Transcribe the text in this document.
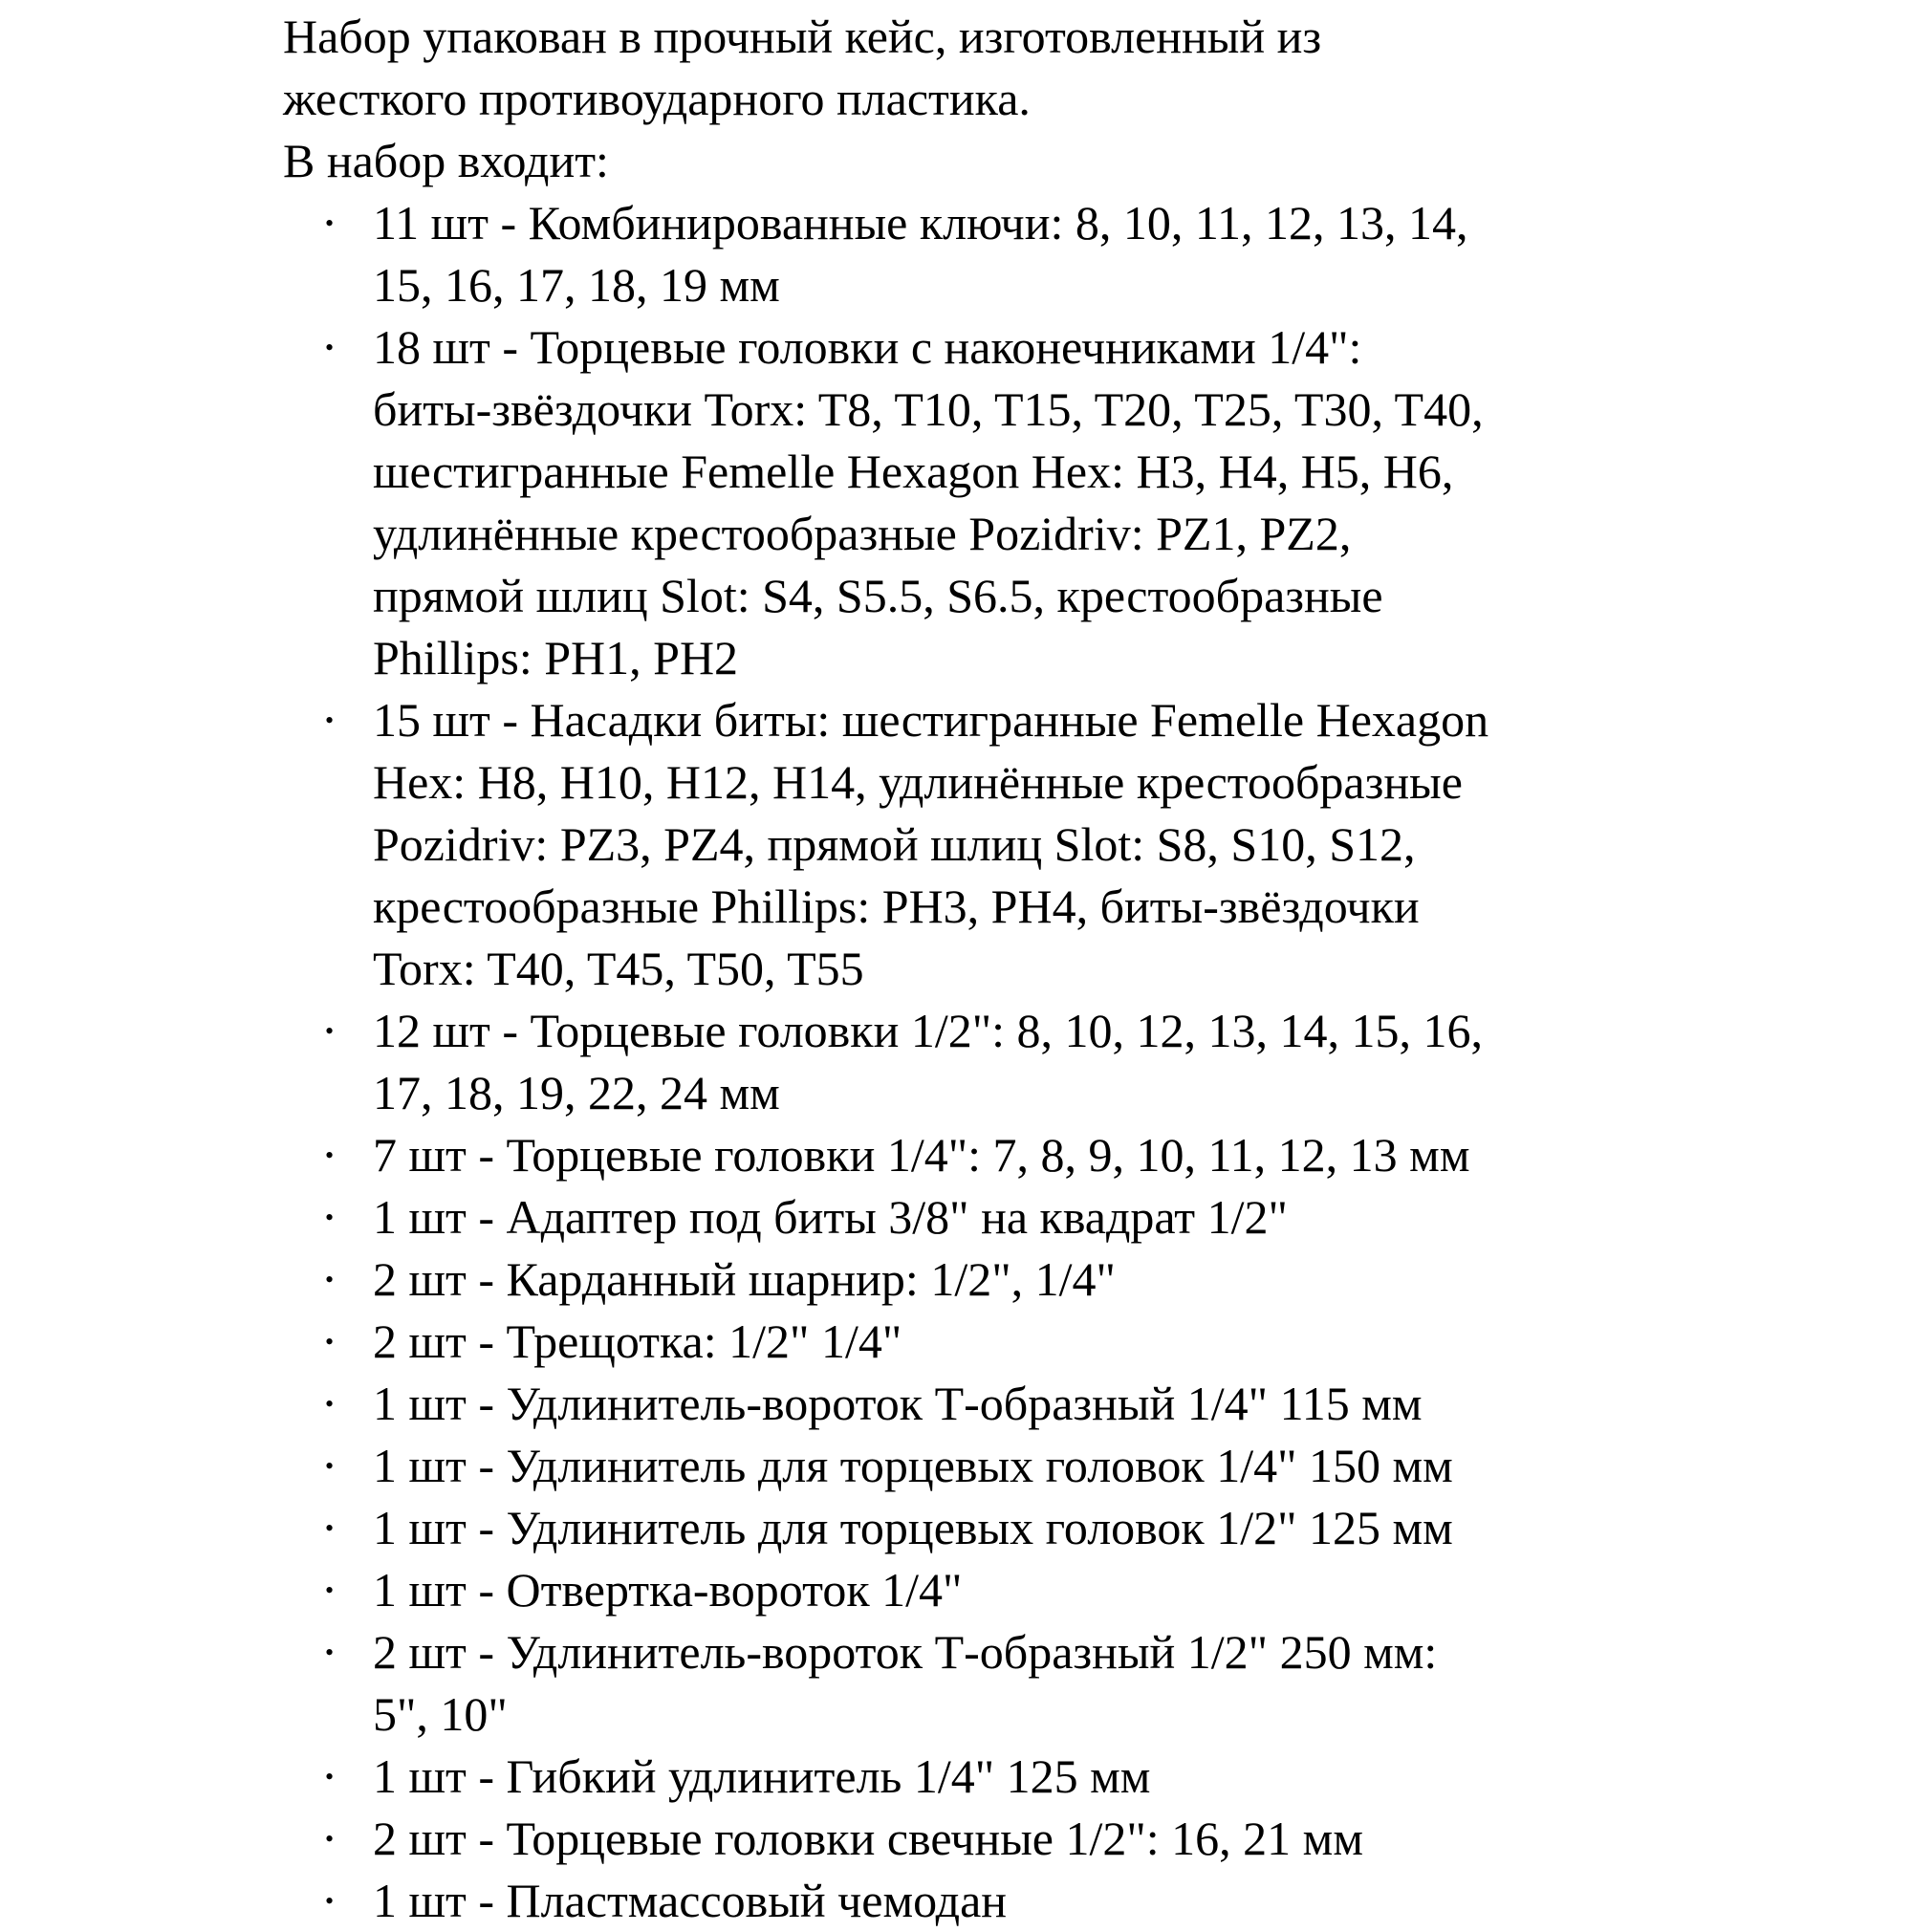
Набор упакован в прочный кейс, изготовленный из
жесткого противоударного пластика.
В набор входит:
• 11 шт - Комбинированные ключи: 8, 10, 11, 12, 13, 14,
15, 16, 17, 18, 19 мм
• 18 шт - Торцевые головки с наконечниками 1/4":
биты-звёздочки Torx: T8, T10, T15, T20, T25, T30, T40,
шестигранные Femelle Hexagon Hex: H3, H4, H5, H6,
удлинённые крестообразные Pozidriv: PZ1, PZ2,
прямой шлиц Slot: S4, S5.5, S6.5, крестообразные
Phillips: PH1, PH2
• 15 шт - Насадки биты: шестигранные Femelle Hexagon
Hex: H8, H10, H12, H14, удлинённые крестообразные
Pozidriv: PZ3, PZ4, прямой шлиц Slot: S8, S10, S12,
крестообразные Phillips: PH3, PH4, биты-звёздочки
Torx: T40, T45, T50, T55
• 12 шт - Торцевые головки 1/2": 8, 10, 12, 13, 14, 15, 16,
17, 18, 19, 22, 24 мм
• 7 шт - Торцевые головки 1/4": 7, 8, 9, 10, 11, 12, 13 мм
• 1 шт - Адаптер под биты 3/8" на квадрат 1/2"
• 2 шт - Карданный шарнир: 1/2", 1/4"
• 2 шт - Трещотка: 1/2" 1/4"
• 1 шт - Удлинитель-вороток Т-образный 1/4" 115 мм
• 1 шт - Удлинитель для торцевых головок 1/4" 150 мм
• 1 шт - Удлинитель для торцевых головок 1/2" 125 мм
• 1 шт - Отвертка-вороток 1/4"
• 2 шт - Удлинитель-вороток Т-образный 1/2" 250 мм:
5", 10"
• 1 шт - Гибкий удлинитель 1/4" 125 мм
• 2 шт - Торцевые головки свечные 1/2": 16, 21 мм
• 1 шт - Пластмассовый чемодан
